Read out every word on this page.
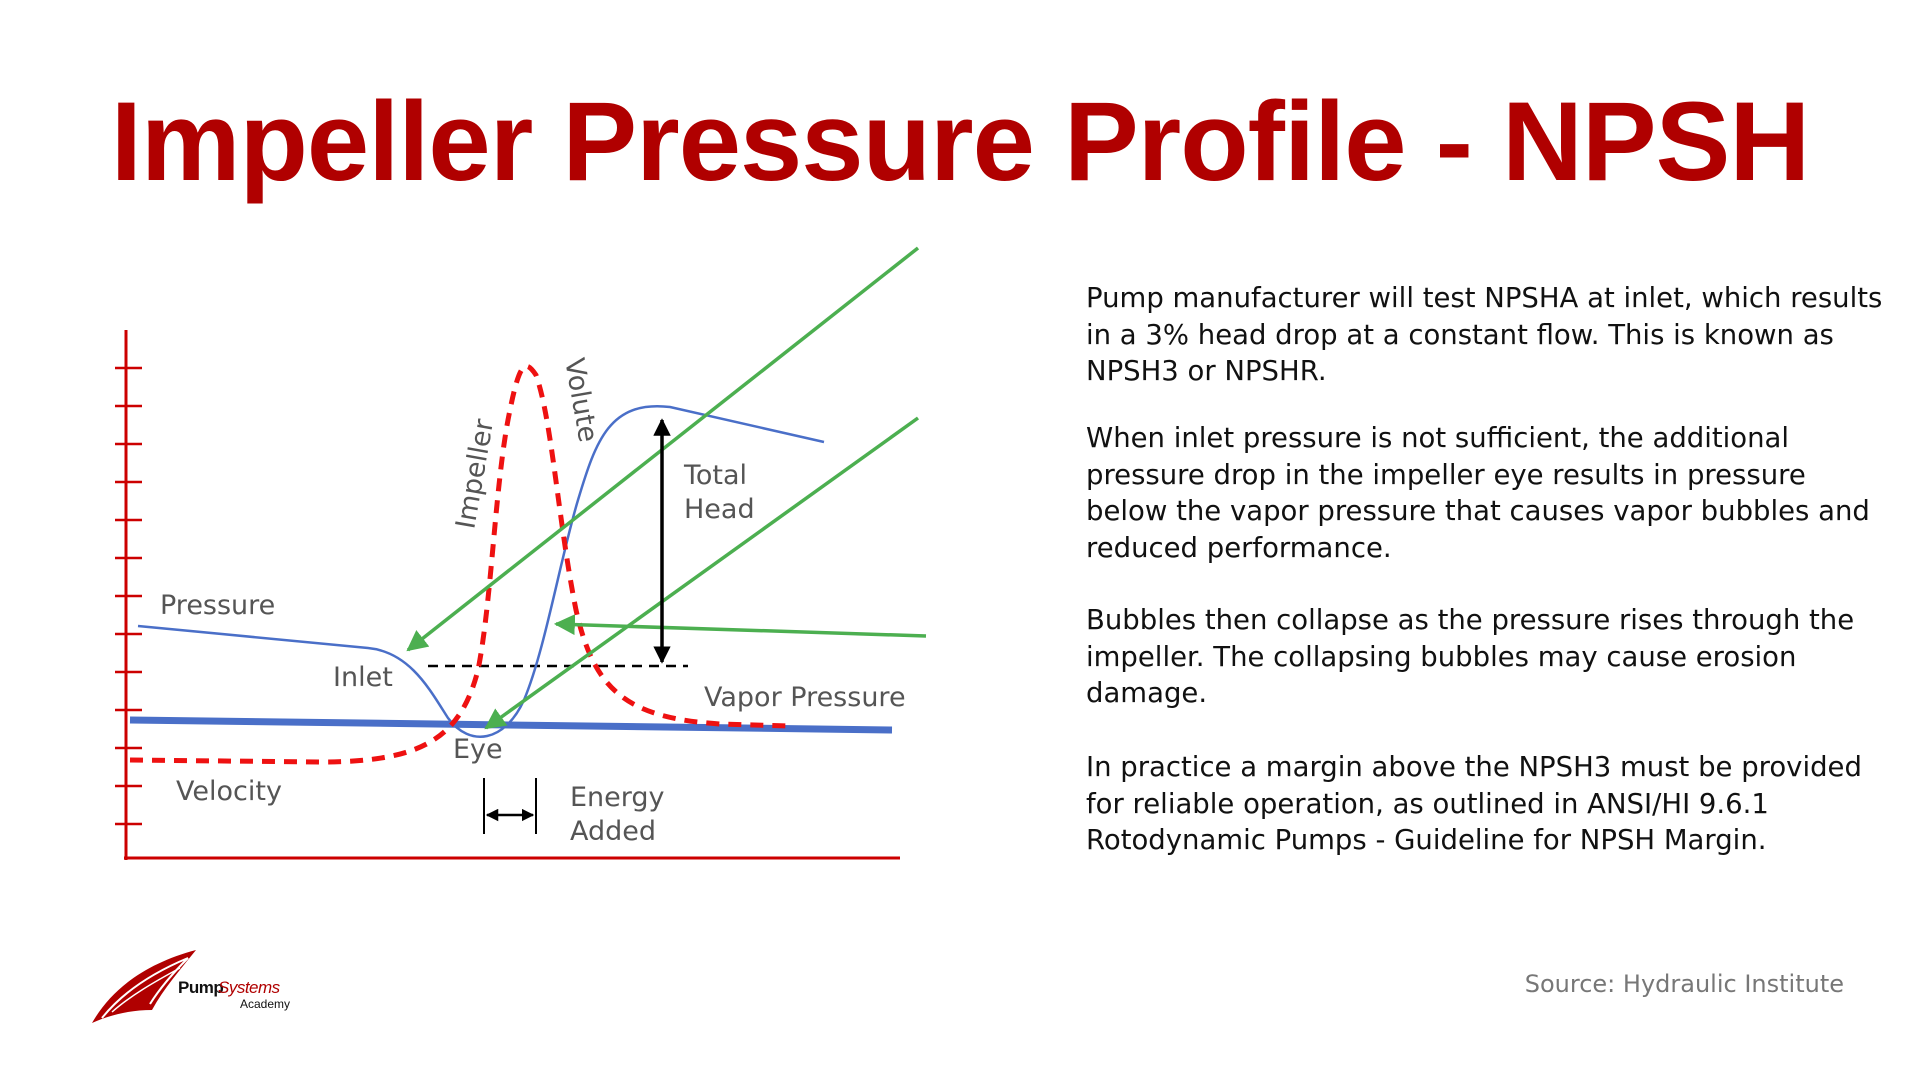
Impeller Pressure Profile - NPSH
Pressure
Inlet
Eye
Velocity
Impeller
Volute
Total
Head
Vapor Pressure
Energy
Added

Pump manufacturer will test NPSHA at inlet, which results in a 3% head drop at a constant flow. This is known as NPSH3 or NPSHR.

When inlet pressure is not sufficient, the additional pressure drop in the impeller eye results in pressure below the vapor pressure that causes vapor bubbles and reduced performance.

Bubbles then collapse as the pressure rises through the impeller. The collapsing bubbles may cause erosion damage.

In practice a margin above the NPSH3 must be provided for reliable operation, as outlined in ANSI/HI 9.6.1 Rotodynamic Pumps - Guideline for NPSH Margin.

Source: Hydraulic Institute
Pump
Systems
Academy
